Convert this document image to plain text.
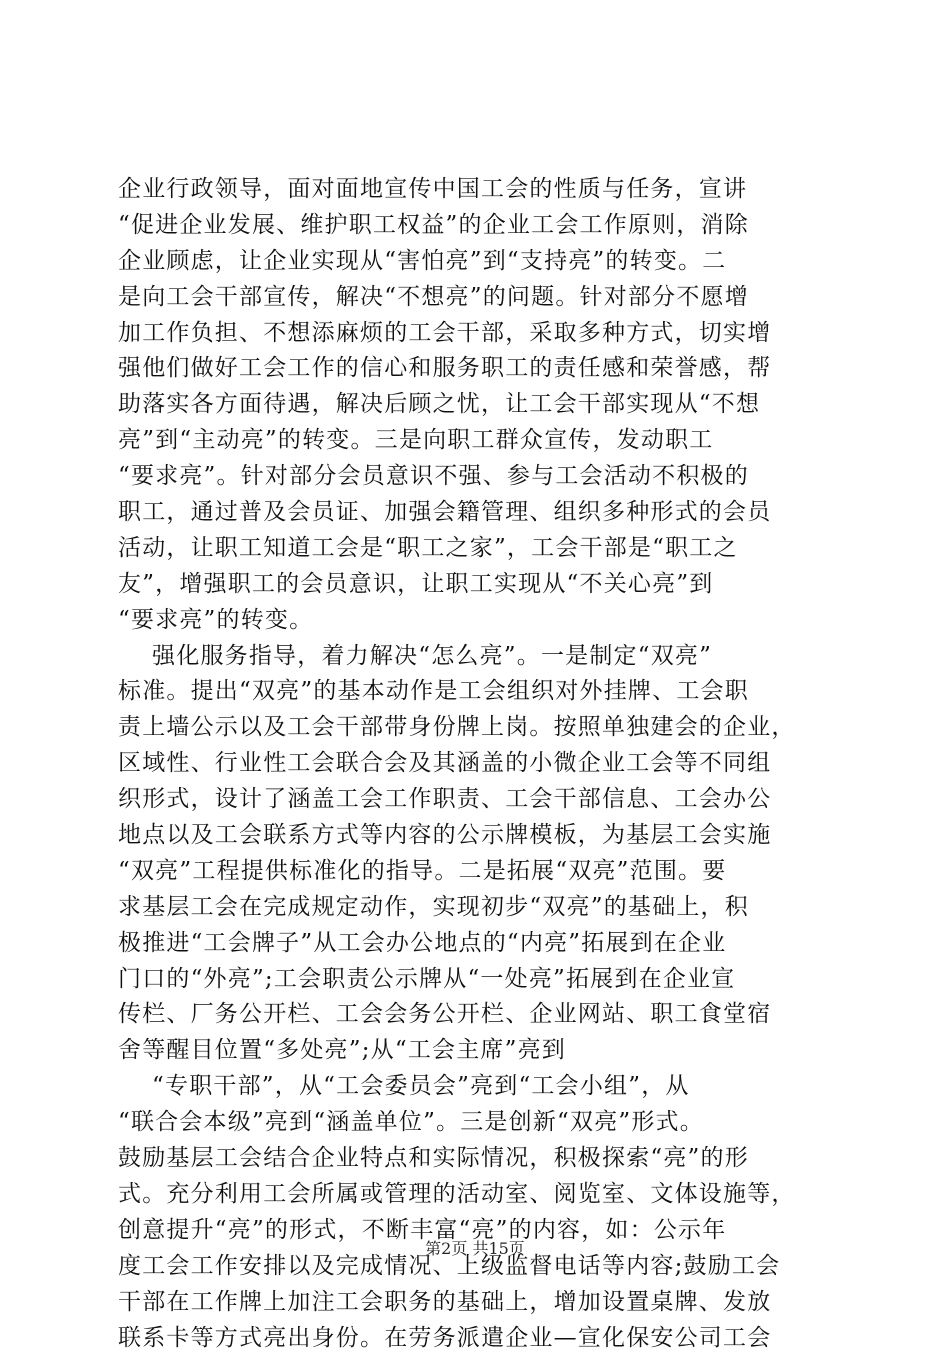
企业行政领导，面对面地宣传中国工会的性质与任务，宣讲
“促进企业发展、维护职工权益”的企业工会工作原则，消除
企业顾虑，让企业实现从“害怕亮”到“支持亮”的转变。二
是向工会干部宣传，解决“不想亮”的问题。针对部分不愿增
加工作负担、不想添麻烦的工会干部，采取多种方式，切实增
强他们做好工会工作的信心和服务职工的责任感和荣誉感，帮
助落实各方面待遇，解决后顾之忧，让工会干部实现从“不想
亮”到“主动亮”的转变。三是向职工群众宣传，发动职工
“要求亮”。针对部分会员意识不强、参与工会活动不积极的
职工，通过普及会员证、加强会籍管理、组织多种形式的会员
活动，让职工知道工会是“职工之家”，工会干部是“职工之
友”，增强职工的会员意识，让职工实现从“不关心亮”到
“要求亮”的转变。
强化服务指导，着力解决“怎么亮”。一是制定“双亮”
标准。提出“双亮”的基本动作是工会组织对外挂牌、工会职
责上墙公示以及工会干部带身份牌上岗。按照单独建会的企业，
区域性、行业性工会联合会及其涵盖的小微企业工会等不同组
织形式，设计了涵盖工会工作职责、工会干部信息、工会办公
地点以及工会联系方式等内容的公示牌模板，为基层工会实施
“双亮”工程提供标准化的指导。二是拓展“双亮”范围。要
求基层工会在完成规定动作，实现初步“双亮”的基础上，积
极推进“工会牌子”从工会办公地点的“内亮”拓展到在企业
门口的“外亮”;工会职责公示牌从“一处亮”拓展到在企业宣
传栏、厂务公开栏、工会会务公开栏、企业网站、职工食堂宿
舍等醒目位置“多处亮”;从“工会主席”亮到
“专职干部”，从“工会委员会”亮到“工会小组”，从
“联合会本级”亮到“涵盖单位”。三是创新“双亮”形式。
鼓励基层工会结合企业特点和实际情况，积极探索“亮”的形
式。充分利用工会所属或管理的活动室、阅览室、文体设施等，
创意提升“亮”的形式，不断丰富“亮”的内容，如：公示年
度工会工作安排以及完成情况、上级监督电话等内容;鼓励工会
干部在工作牌上加注工会职务的基础上，增加设置桌牌、发放
联系卡等方式亮出身份。在劳务派遣企业—宣化保安公司工会
第2页 共15页
